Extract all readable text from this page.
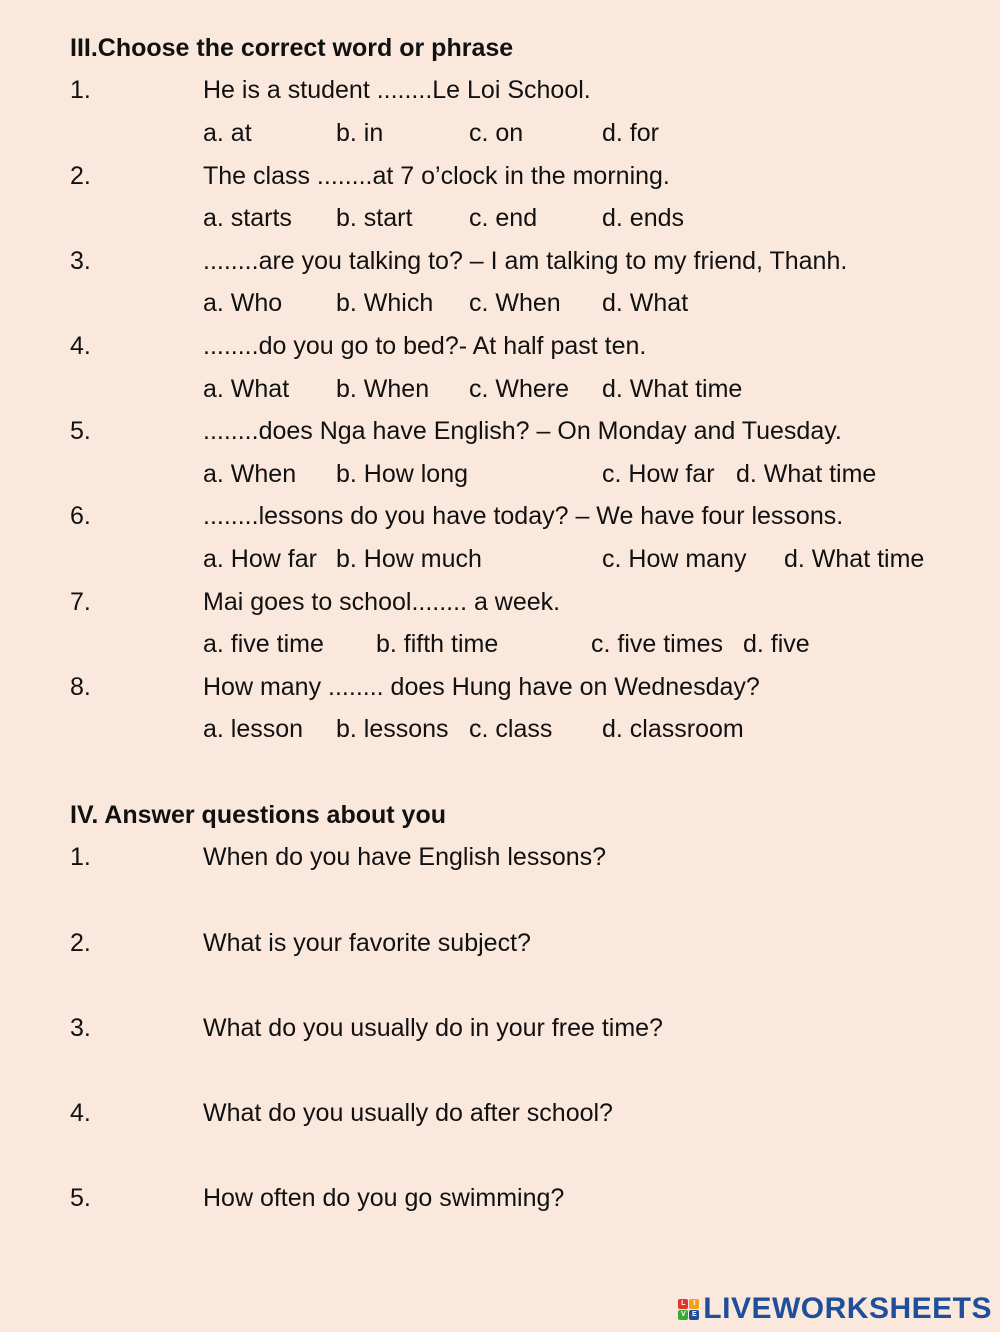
III.Choose the correct word or phrase
1.	He is a student ........Le Loi School.
a. at	b. in	c. on	d. for
2.	The class ........at 7 o’clock in the morning.
a. starts b. start c. end	d. ends
3.	........are you talking to? – I am talking to my friend, Thanh.
a. Who b. Which c. When d. What
4.	........do you go to bed?- At half past ten.
a. What b. When c. Where d. What time
5.	........does Nga have English? – On Monday and Tuesday.
a. When b. How long	c. How far d. What time
6.	........lessons do you have today? – We have four lessons.
a. How far b. How much	c. How many d. What time
7.	Mai goes to school........ a week.
a. five time b. fifth time	c. five times d. five
8.	How many ........ does Hung have on Wednesday?
a. lesson b. lessons c. class d. classroom
IV. Answer questions about you
1.	When do you have English lessons?
2.	What is your favorite subject?
3.	What do you usually do in your free time?
4.	What do you usually do after school?
5.	How often do you go swimming?
L	I
V E LIVEWORKSHEETS
